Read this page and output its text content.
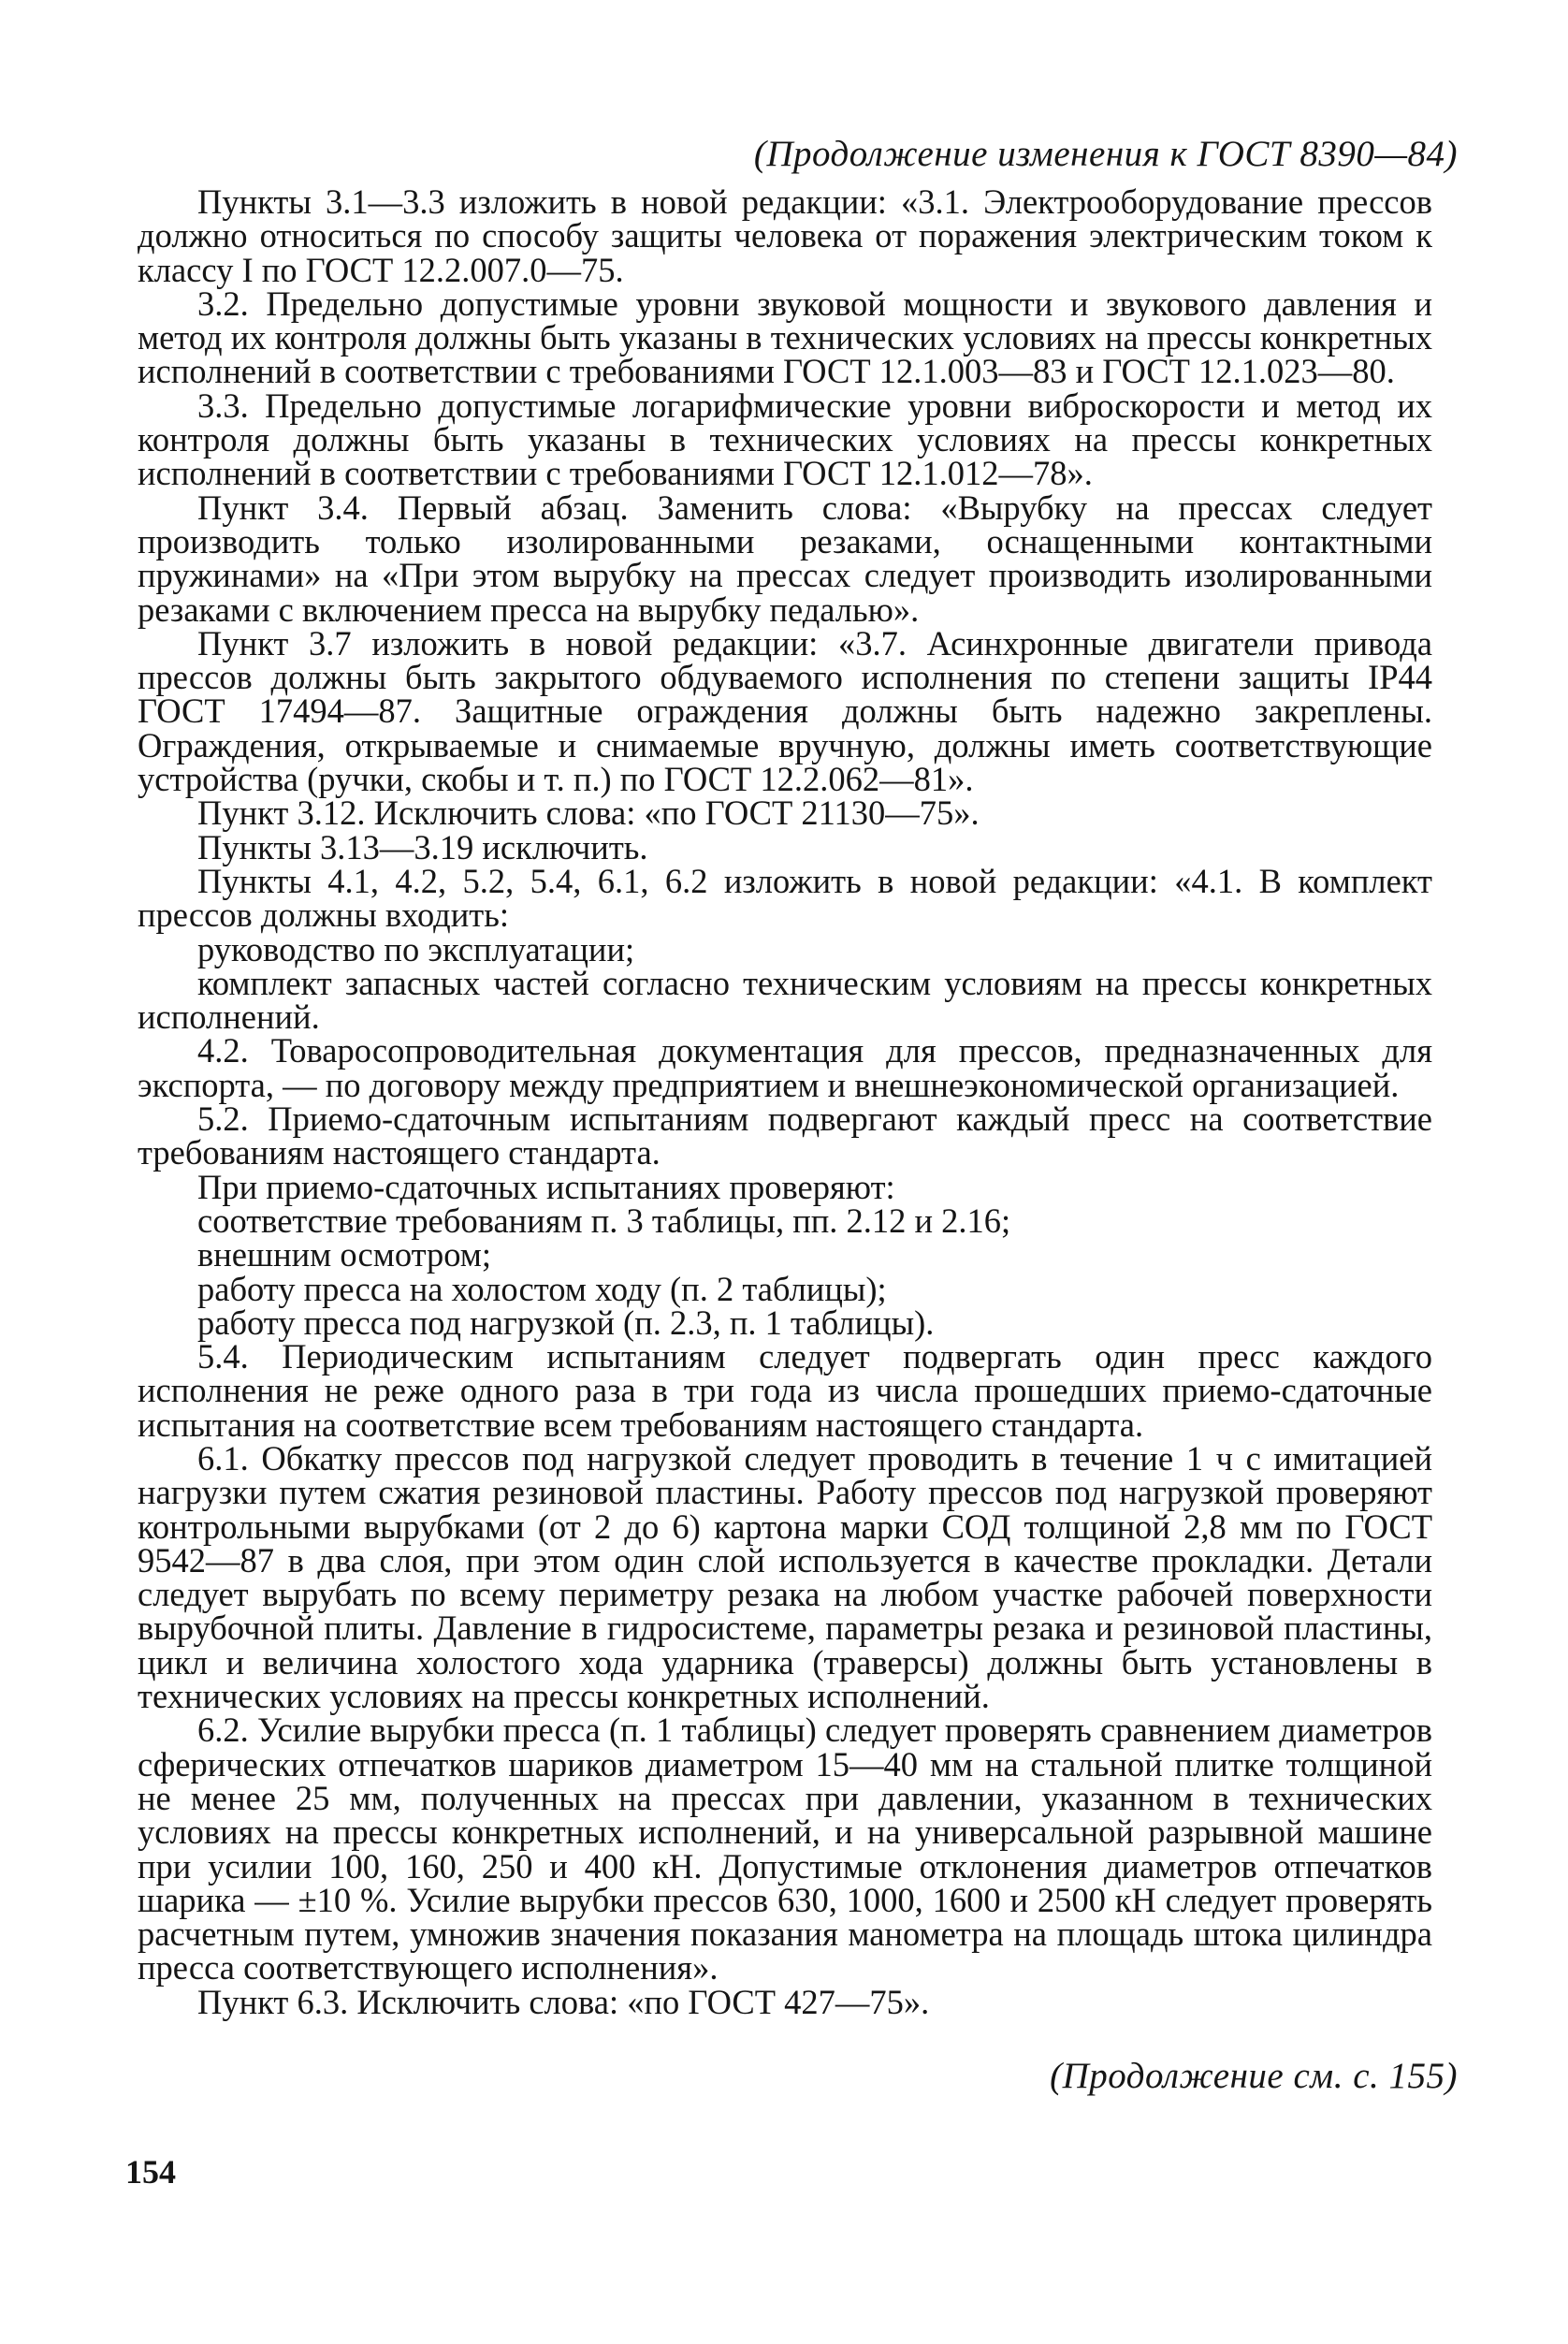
(Продолжение изменения к ГОСТ 8390—84)

Пункты 3.1—3.3 изложить в новой редакции: «3.1. Электрооборудование прессов должно относиться по способу защиты человека от поражения электрическим током к классу I по ГОСТ 12.2.007.0—75.

3.2. Предельно допустимые уровни звуковой мощности и звукового давления и метод их контроля должны быть указаны в технических условиях на прессы конкретных исполнений в соответствии с требованиями ГОСТ 12.1.003—83 и ГОСТ 12.1.023—80.

3.3. Предельно допустимые логарифмические уровни виброскорости и метод их контроля должны быть указаны в технических условиях на прессы конкретных исполнений в соответствии с требованиями ГОСТ 12.1.012—78».

Пункт 3.4. Первый абзац. Заменить слова: «Вырубку на прессах следует производить только изолированными резаками, оснащенными контактными пружинами» на «При этом вырубку на прессах следует производить изолированными резаками с включением пресса на вырубку педалью».

Пункт 3.7 изложить в новой редакции: «3.7. Асинхронные двигатели привода прессов должны быть закрытого обдуваемого исполнения по степени защиты IP44 ГОСТ 17494—87. Защитные ограждения должны быть надежно закреплены. Ограждения, открываемые и снимаемые вручную, должны иметь соответствующие устройства (ручки, скобы и т. п.) по ГОСТ 12.2.062—81».

Пункт 3.12. Исключить слова: «по ГОСТ 21130—75».

Пункты 3.13—3.19 исключить.

Пункты 4.1, 4.2, 5.2, 5.4, 6.1, 6.2 изложить в новой редакции: «4.1. В комплект прессов должны входить:

руководство по эксплуатации;

комплект запасных частей согласно техническим условиям на прессы конкретных исполнений.

4.2. Товаросопроводительная документация для прессов, предназначенных для экспорта, — по договору между предприятием и внешнеэкономической организацией.

5.2. Приемо-сдаточным испытаниям подвергают каждый пресс на соответствие требованиям настоящего стандарта.

При приемо-сдаточных испытаниях проверяют:

соответствие требованиям п. 3 таблицы, пп. 2.12 и 2.16;

внешним осмотром;

работу пресса на холостом ходу (п. 2 таблицы);

работу пресса под нагрузкой (п. 2.3, п. 1 таблицы).

5.4. Периодическим испытаниям следует подвергать один пресс каждого исполнения не реже одного раза в три года из числа прошедших приемо-сдаточные испытания на соответствие всем требованиям настоящего стандарта.

6.1. Обкатку прессов под нагрузкой следует проводить в течение 1 ч с имитацией нагрузки путем сжатия резиновой пластины. Работу прессов под нагрузкой проверяют контрольными вырубками (от 2 до 6) картона марки СОД толщиной 2,8 мм по ГОСТ 9542—87 в два слоя, при этом один слой используется в качестве прокладки. Детали следует вырубать по всему периметру резака на любом участке рабочей поверхности вырубочной плиты. Давление в гидросистеме, параметры резака и резиновой пластины, цикл и величина холостого хода ударника (траверсы) должны быть установлены в технических условиях на прессы конкретных исполнений.

6.2. Усилие вырубки пресса (п. 1 таблицы) следует проверять сравнением диаметров сферических отпечатков шариков диаметром 15—40 мм на стальной плитке толщиной не менее 25 мм, полученных на прессах при давлении, указанном в технических условиях на прессы конкретных исполнений, и на универсальной разрывной машине при усилии 100, 160, 250 и 400 кН. Допустимые отклонения диаметров отпечатков шарика — ±10 %. Усилие вырубки прессов 630, 1000, 1600 и 2500 кН следует проверять расчетным путем, умножив значения показания манометра на площадь штока цилиндра пресса соответствующего исполнения».

Пункт 6.3. Исключить слова: «по ГОСТ 427—75».

(Продолжение см. с. 155)
154
